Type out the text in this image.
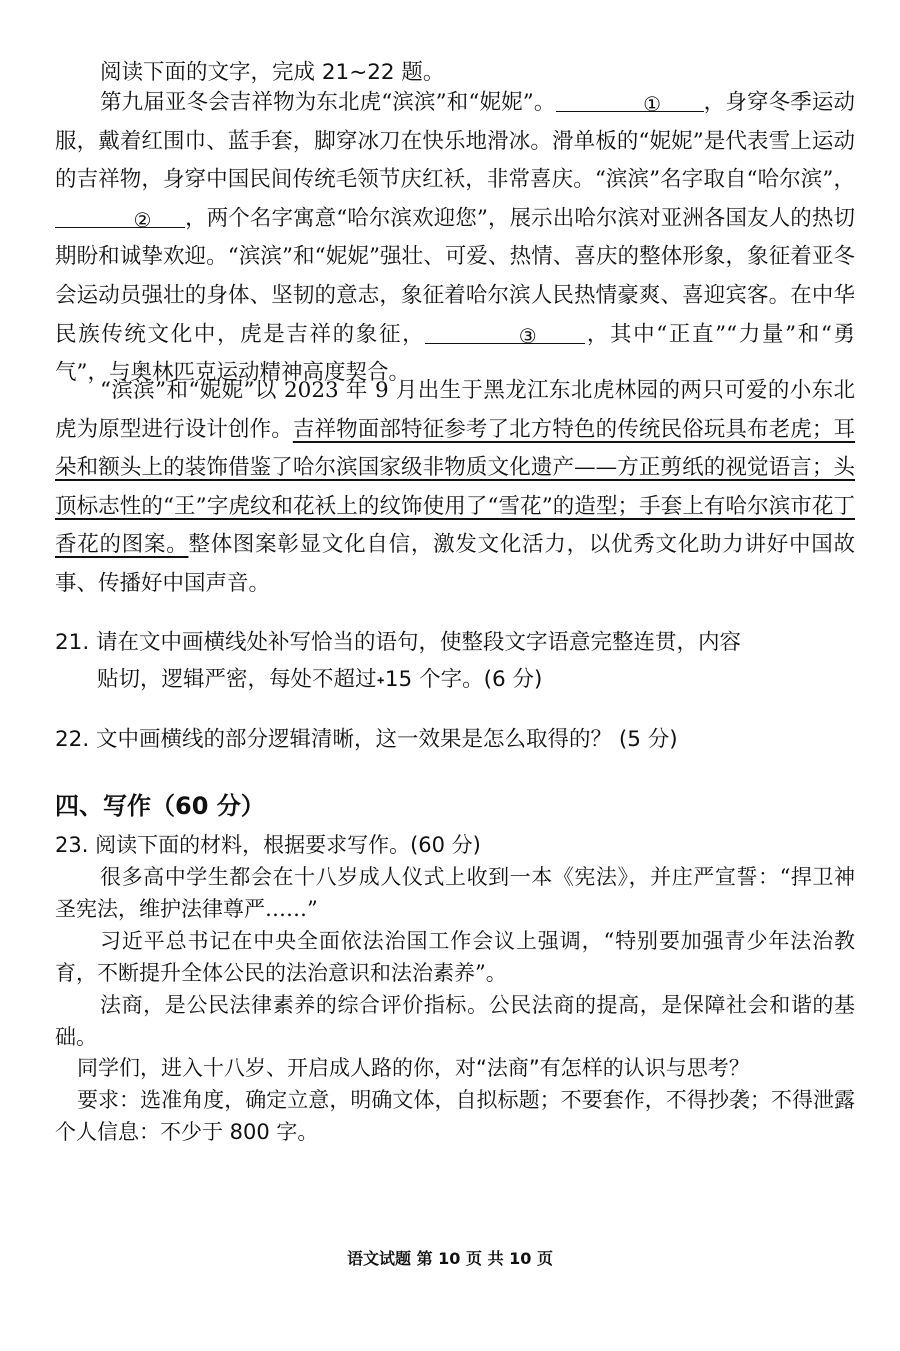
阅读下面的文字，完成 21~22 题。

第九届亚冬会吉祥物为东北虎“滨滨”和“妮妮”。	①	，身穿冬季运动服，戴着红围巾、蓝手套，脚穿冰刀在快乐地滑冰。滑单板的“妮妮”是代表雪上运动的吉祥物，身穿中国民间传统毛领节庆红袄，非常喜庆。“滨滨”名字取自“哈尔滨”，
②	，两个名字寓意“哈尔滨欢迎您”，展示出哈尔滨对亚洲各国友人的热切期盼和诚挚欢迎。“滨滨”和“妮妮”强壮、可爱、热情、喜庆的整体形象，象征着亚冬会运动员强壮的身体、坚韧的意志，象征着哈尔滨人民热情豪爽、喜迎宾客。在中华民族传统文化中，虎是吉祥的象征，	③	，其中“正直”“力量”和“勇气”，与奥林匹克运动精神高度契合。

“滨滨”和“妮妮”以 2023 年 9 月出生于黑龙江东北虎林园的两只可爱的小东北虎为原型进行设计创作。吉祥物面部特征参考了北方特色的传统民俗玩具布老虎；耳朵和额头上的装饰借鉴了哈尔滨国家级非物质文化遗产——方正剪纸的视觉语言；头顶标志性的“王”字虎纹和花袄上的纹饰使用了“雪花”的造型；手套上有哈尔滨市花丁香花的图案。整体图案彰显文化自信，激发文化活力，以优秀文化助力讲好中国故事、传播好中国声音。

21. 请在文中画横线处补写恰当的语句，使整段文字语意完整连贯，内容

贴切，逻辑严密，每处不超过˖15 个字。(6 分)

22. 文中画横线的部分逻辑清晰，这一效果是怎么取得的？ (5 分)

四、写作（60 分）

23. 阅读下面的材料，根据要求写作。(60 分)

很多高中学生都会在十八岁成人仪式上收到一本《宪法》，并庄严宣誓：“捍卫神圣宪法，维护法律尊严……”

习近平总书记在中央全面依法治国工作会议上强调，“特别要加强青少年法治教育，不断提升全体公民的法治意识和法治素养”。

法商，是公民法律素养的综合评价指标。公民法商的提高，是保障社会和谐的基础。

同学们，进入十八岁、开启成人路的你，对“法商”有怎样的认识与思考？

要求：选准角度，确定立意，明确文体，自拟标题；不要套作，不得抄袭；不得泄露个人信息：不少于 800 字。

语文试题 第 10 页 共 10 页
